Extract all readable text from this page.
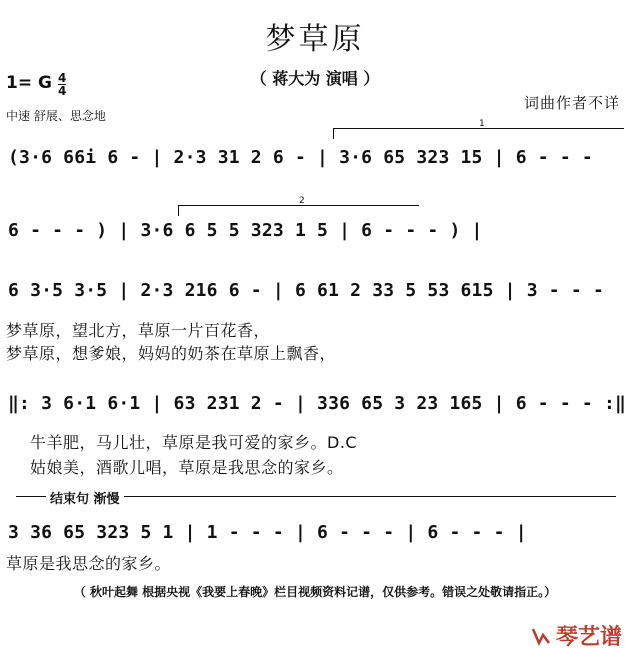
梦草原
（ 蒋大为 演唱 ）
1= G 4
4
中速 舒展、思念地
词曲作者不详
1
2
(3·6 66i 6 - | 2·3 31 2 6 - | 3·6 65 323 15 | 6 - - -
6 - - - ) | 3·6 6 5 5 323 1 5 | 6 - - - ) |
6 3·5 3·5 | 2·3 216 6 - | 6 61 2 33 5 53 615 | 3 - - -
梦草原，望北方，草原一片百花香，
梦草原，想爹娘，妈妈的奶茶在草原上飘香，
‖: 3 6·1 6·1 | 63 231 2 - | 336 65 3 23 165 | 6 - - - :‖
牛羊肥，马儿壮，草原是我可爱的家乡。D.C
姑娘美，酒歌儿唱，草原是我思念的家乡。
结束句 渐慢
3 36 65 323 5 1 | 1 - - - | 6 - - - | 6 - - - |
草原是我思念的家乡。
（ 秋叶起舞 根据央视《我要上春晚》栏目视频资料记谱，仅供参考。错误之处敬请指正。）
琴艺谱
